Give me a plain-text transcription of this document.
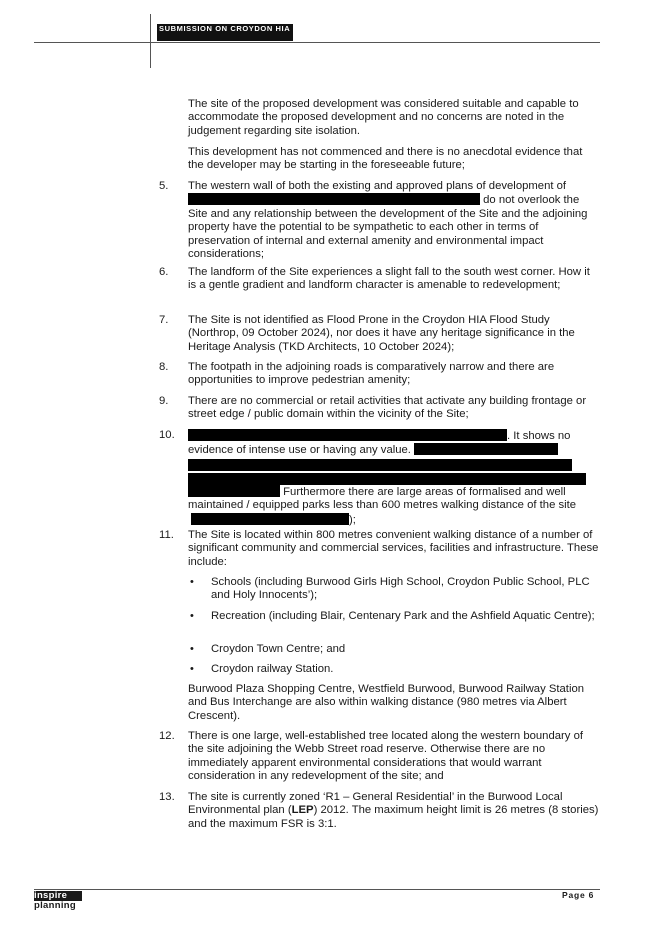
SUBMISSION ON CROYDON HIA

The site of the proposed development was considered suitable and capable to accommodate the proposed development and no concerns are noted in the judgement regarding site isolation.

This development has not commenced and there is no anecdotal evidence that the developer may be starting in the foreseeable future;

5. The western wall of both the existing and approved plans of development of
do not overlook the Site and any relationship between the development of the Site and the adjoining property have the potential to be sympathetic to each other in terms of preservation of internal and external amenity and environmental impact considerations;
6. The landform of the Site experiences a slight fall to the south west corner. How it is a gentle gradient and landform character is amenable to redevelopment;
7. The Site is not identified as Flood Prone in the Croydon HIA Flood Study (Northrop, 09 October 2024), nor does it have any heritage significance in the Heritage Analysis (TKD Architects, 10 October 2024);
8. The footpath in the adjoining roads is comparatively narrow and there are opportunities to improve pedestrian amenity;
9. There are no commercial or retail activities that activate any building frontage or street edge / public domain within the vicinity of the Site;
10.	. It shows no evidence of intense use or having any value.
Furthermore there are large areas of formalised and well maintained / equipped parks less than 600 metres walking distance of the site);
11. The Site is located within 800 metres convenient walking distance of a number of significant community and commercial services, facilities and infrastructure. These include:
• Schools (including Burwood Girls High School, Croydon Public School, PLC and Holy Innocents’);
• Recreation (including Blair, Centenary Park and the Ashfield Aquatic Centre);
• Croydon Town Centre; and
• Croydon railway Station.

Burwood Plaza Shopping Centre, Westfield Burwood, Burwood Railway Station and Bus Interchange are also within walking distance (980 metres via Albert Crescent).

12. There is one large, well-established tree located along the western boundary of the site adjoining the Webb Street road reserve. Otherwise there are no immediately apparent environmental considerations that would warrant consideration in any redevelopment of the site; and
13. The site is currently zoned ‘R1 – General Residential’ in the Burwood Local Environmental plan (LEP) 2012. The maximum height limit is 26 metres (8 stories) and the maximum FSR is 3:1.
inspire
planning
Page 6
